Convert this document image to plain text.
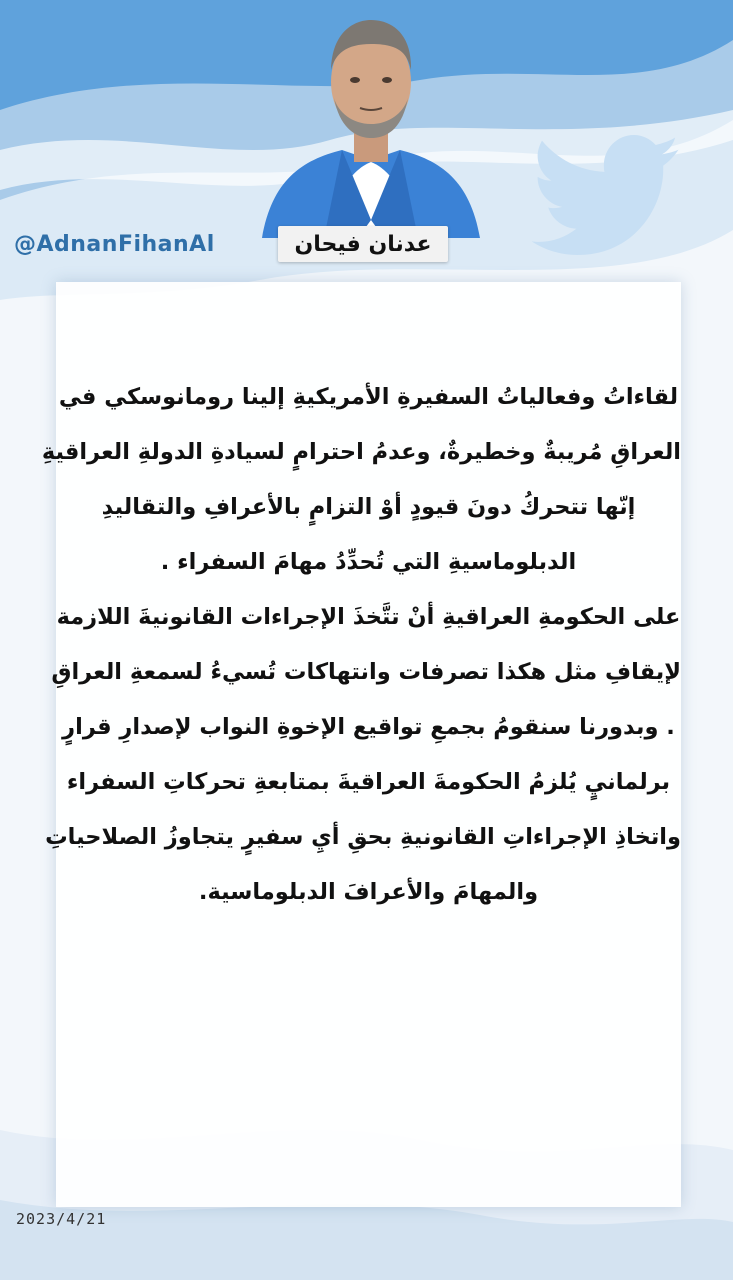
@AdnanFihanAl	عدنان فيحان
لقاءاتُ وفعالياتُ السفيرةِ الأمريكيةِ إلينا رومانوسكي في
العراقِ مُريبةٌ وخطيرةٌ، وعدمُ احترامٍ لسيادةِ الدولةِ العراقيةِ
إنّها تتحركُ دونَ قيودٍ أوْ التزامٍ بالأعرافِ والتقاليدِ
الدبلوماسيةِ التي تُحدِّدُ مهامَ السفراء .
على الحكومةِ العراقيةِ أنْ تتَّخذَ الإجراءات القانونيةَ اللازمة
لإيقافِ مثل هكذا تصرفات وانتهاكات تُسيءُ لسمعةِ العراقِ
. وبدورنا سنقومُ بجمعِ تواقيع الإخوةِ النواب لإصدارِ قرارٍ
برلمانيٍ يُلزمُ الحكومةَ العراقيةَ بمتابعةِ تحركاتِ السفراء
واتخاذِ الإجراءاتِ القانونيةِ بحقِ أيِ سفيرٍ يتجاوزُ الصلاحياتِ
والمهامَ والأعرافَ الدبلوماسية.
2023/4/21
